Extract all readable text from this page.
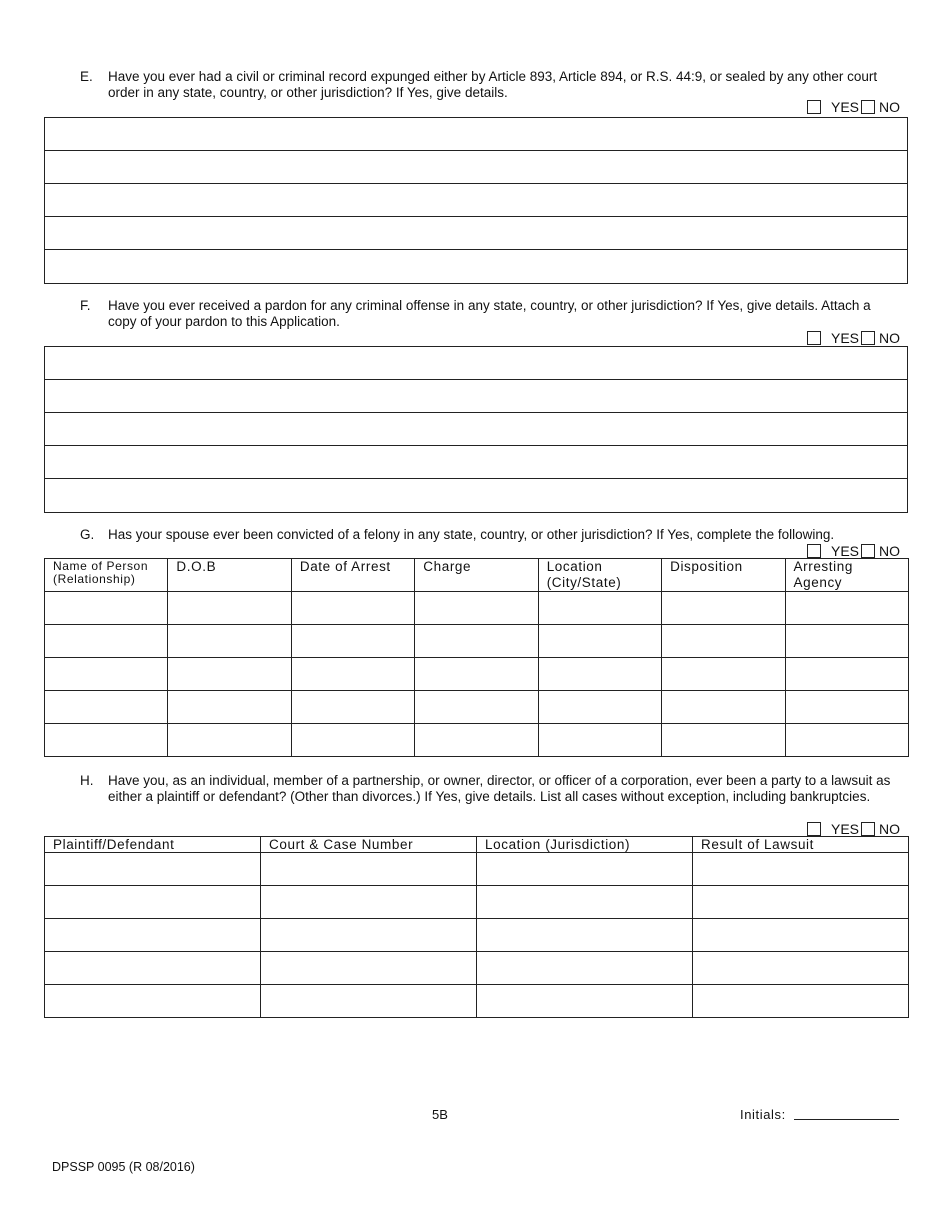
E. Have you ever had a civil or criminal record expunged either by Article 893, Article 894, or R.S. 44:9, or sealed by any other court order in any state, country, or other jurisdiction? If Yes, give details.
YES NO
F. Have you ever received a pardon for any criminal offense in any state, country, or other jurisdiction? If Yes, give details. Attach a copy of your pardon to this Application.
YES NO
G. Has your spouse ever been convicted of a felony in any state, country, or other jurisdiction? If Yes, complete the following.
YES NO
Name of Person (Relationship)	D.O.B	Date of Arrest	Charge	Location (City/State)	Disposition	Arresting Agency

H. Have you, as an individual, member of a partnership, or owner, director, or officer of a corporation, ever been a party to a lawsuit as either a plaintiff or defendant? (Other than divorces.) If Yes, give details. List all cases without exception, including bankruptcies.
YES NO
Plaintiff/Defendant	Court & Case Number	Location (Jurisdiction)	Result of Lawsuit

5B	Initials:
DPSSP 0095 (R 08/2016)
